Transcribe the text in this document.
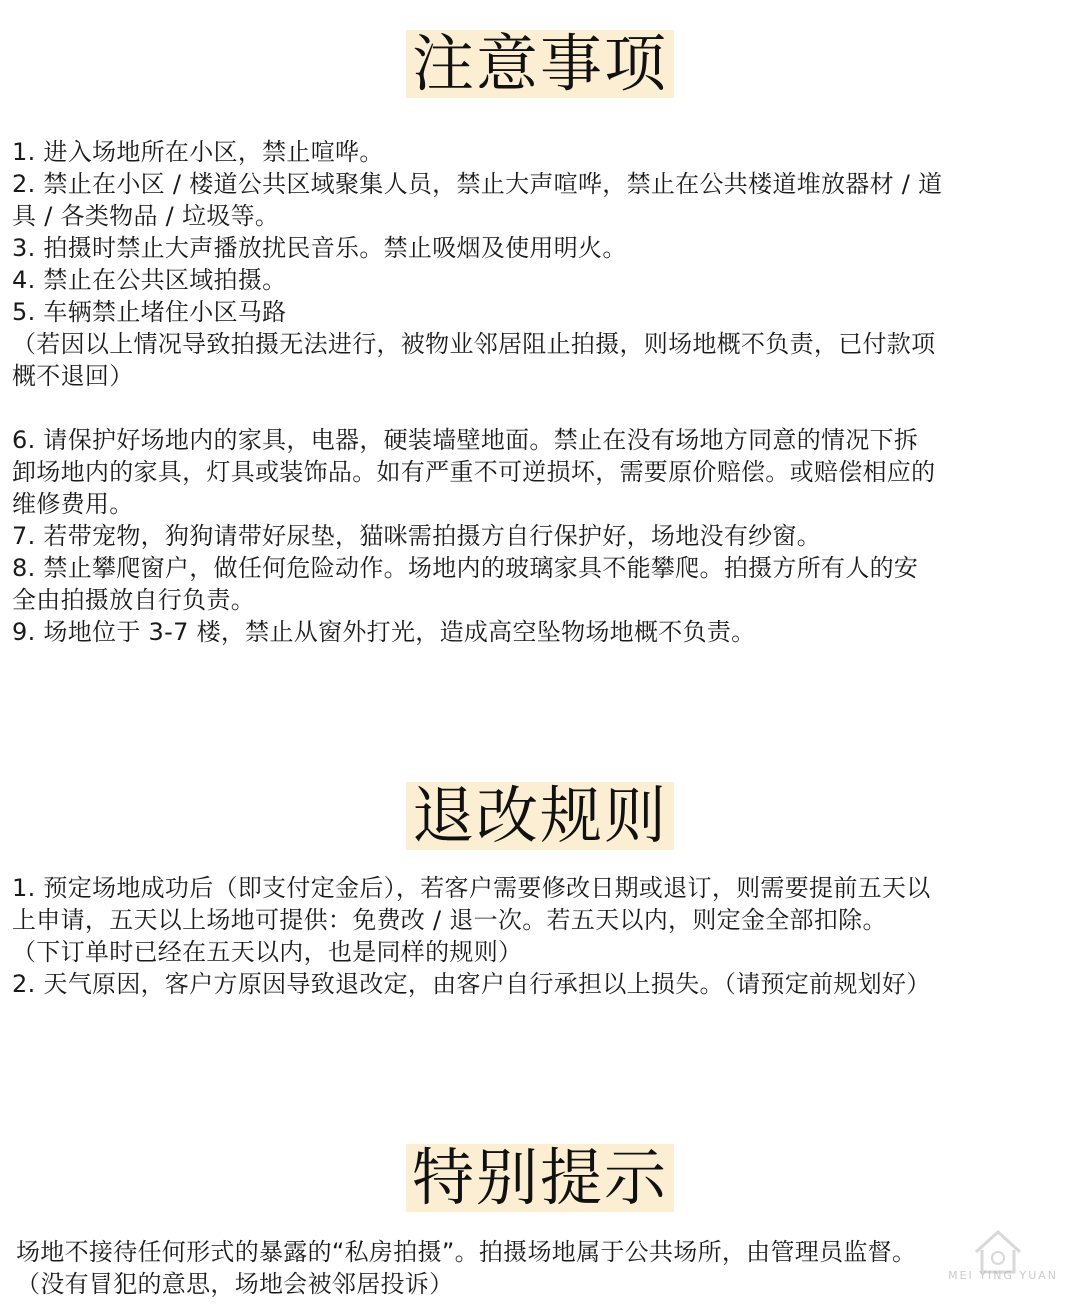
注意事项
1. 进入场地所在小区，禁止喧哗。
2. 禁止在小区 / 楼道公共区域聚集人员，禁止大声喧哗，禁止在公共楼道堆放器材 / 道
具 / 各类物品 / 垃圾等。
3. 拍摄时禁止大声播放扰民音乐。禁止吸烟及使用明火。
4. 禁止在公共区域拍摄。
5. 车辆禁止堵住小区马路
（若因以上情况导致拍摄无法进行，被物业邻居阻止拍摄，则场地概不负责，已付款项
概不退回）
6. 请保护好场地内的家具，电器，硬装墙壁地面。禁止在没有场地方同意的情况下拆
卸场地内的家具，灯具或装饰品。如有严重不可逆损坏，需要原价赔偿。或赔偿相应的
维修费用。
7. 若带宠物，狗狗请带好尿垫，猫咪需拍摄方自行保护好，场地没有纱窗。
8. 禁止攀爬窗户，做任何危险动作。场地内的玻璃家具不能攀爬。拍摄方所有人的安
全由拍摄放自行负责。
9. 场地位于 3-7 楼，禁止从窗外打光，造成高空坠物场地概不负责。
退改规则
1. 预定场地成功后（即支付定金后），若客户需要修改日期或退订，则需要提前五天以
上申请，五天以上场地可提供：免费改 / 退一次。若五天以内，则定金全部扣除。
（下订单时已经在五天以内，也是同样的规则）
2. 天气原因，客户方原因导致退改定，由客户自行承担以上损失。（请预定前规划好）
特别提示
场地不接待任何形式的暴露的“私房拍摄”。拍摄场地属于公共场所，由管理员监督。
（没有冒犯的意思，场地会被邻居投诉）	MEI YING YUAN
